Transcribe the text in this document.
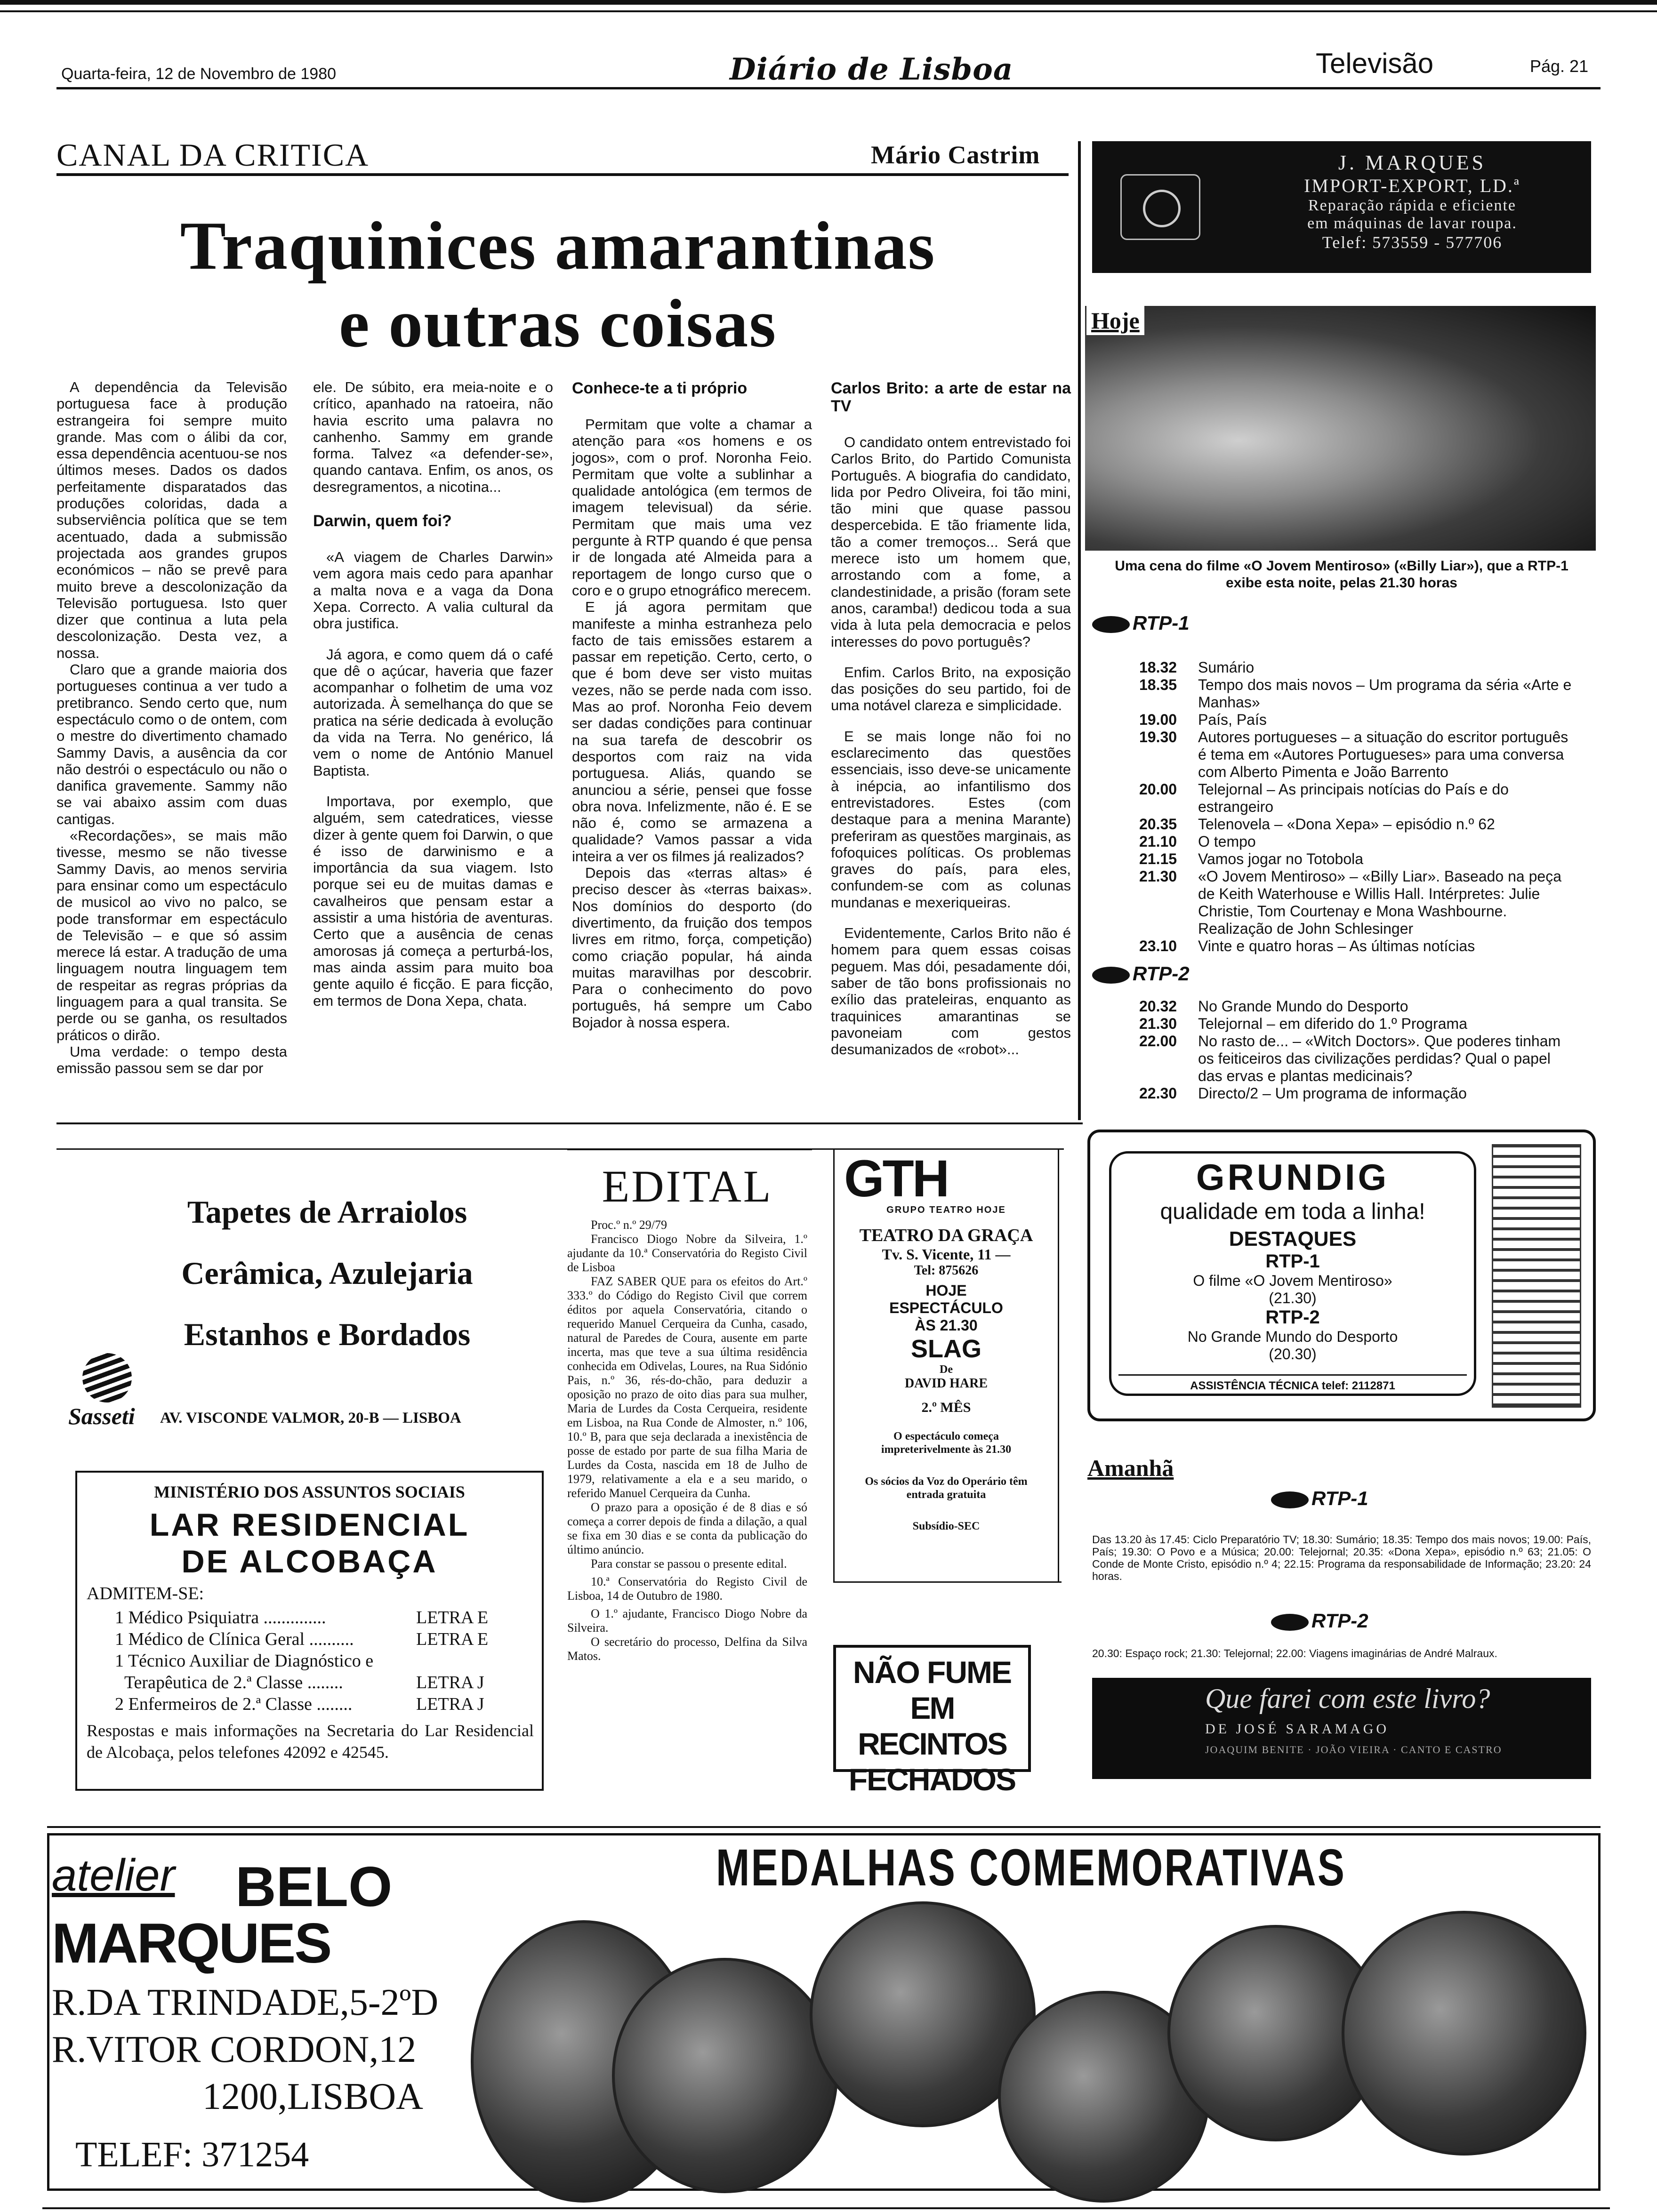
Quarta-feira, 12 de Novembro de 1980	Diário de Lisboa	Televisão	Pág. 21
CANAL DA CRITICA	Mário Castrim
Traquinices amarantinas
e outras coisas

A dependência da Televisão portuguesa face à produção estrangeira foi sempre muito grande. Mas com o álibi da cor, essa dependência acentuou-se nos últimos meses. Dados os dados perfeitamente disparatados das produções coloridas, dada a subserviência política que se tem acentuado, dada a submissão projectada aos grandes grupos económicos – não se prevê para muito breve a descolonização da Televisão portuguesa. Isto quer dizer que continua a luta pela descolonização. Desta vez, a nossa.

Claro que a grande maioria dos portugueses continua a ver tudo a pretibranco. Sendo certo que, num espectáculo como o de ontem, com o mestre do divertimento chamado Sammy Davis, a ausência da cor não destrói o espectáculo ou não o danifica gravemente. Sammy não se vai abaixo assim com duas cantigas.

«Recordações», se mais mão tivesse, mesmo se não tivesse Sammy Davis, ao menos serviria para ensinar como um espectáculo de musicol ao vivo no palco, se pode transformar em espectáculo de Televisão – e que só assim merece lá estar. A tradução de uma linguagem noutra linguagem tem de respeitar as regras próprias da linguagem para a qual transita. Se perde ou se ganha, os resultados práticos o dirão.

Uma verdade: o tempo desta emissão passou sem se dar por

ele. De súbito, era meia-noite e o crítico, apanhado na ratoeira, não havia escrito uma palavra no canhenho. Sammy em grande forma. Talvez «a defender-se», quando cantava. Enfim, os anos, os desregramentos, a nicotina...

Darwin, quem foi?

«A viagem de Charles Darwin» vem agora mais cedo para apanhar a malta nova e a vaga da Dona Xepa. Correcto. A valia cultural da obra justifica.

Já agora, e como quem dá o café que dê o açúcar, haveria que fazer acompanhar o folhetim de uma voz autorizada. À semelhança do que se pratica na série dedicada à evolução da vida na Terra. No genérico, lá vem o nome de António Manuel Baptista.

Importava, por exemplo, que alguém, sem catedratices, viesse dizer à gente quem foi Darwin, o que é isso de darwinismo e a importância da sua viagem. Isto porque sei eu de muitas damas e cavalheiros que pensam estar a assistir a uma história de aventuras. Certo que a ausência de cenas amorosas já começa a perturbá-los, mas ainda assim para muito boa gente aquilo é ficção. E para ficção, em termos de Dona Xepa, chata.

Conhece-te a ti próprio

Permitam que volte a chamar a atenção para «os homens e os jogos», com o prof. Noronha Feio. Permitam que volte a sublinhar a qualidade antológica (em termos de imagem televisual) da série. Permitam que mais uma vez pergunte à RTP quando é que pensa ir de longada até Almeida para a reportagem de longo curso que o coro e o grupo etnográfico merecem.

E já agora permitam que manifeste a minha estranheza pelo facto de tais emissões estarem a passar em repetição. Certo, certo, o que é bom deve ser visto muitas vezes, não se perde nada com isso. Mas ao prof. Noronha Feio devem ser dadas condições para continuar na sua tarefa de descobrir os desportos com raiz na vida portuguesa. Aliás, quando se anunciou a série, pensei que fosse obra nova. Infelizmente, não é. E se não é, como se armazena a qualidade? Vamos passar a vida inteira a ver os filmes já realizados?

Depois das «terras altas» é preciso descer às «terras baixas». Nos domínios do desporto (do divertimento, da fruição dos tempos livres em ritmo, força, competição) como criação popular, há ainda muitas maravilhas por descobrir. Para o conhecimento do povo português, há sempre um Cabo Bojador à nossa espera.

Carlos Brito: a arte de estar na TV

O candidato ontem entrevistado foi Carlos Brito, do Partido Comunista Português. A biografia do candidato, lida por Pedro Oliveira, foi tão mini, tão mini que quase passou despercebida. E tão friamente lida, tão a comer tremoços... Será que merece isto um homem que, arrostando com a fome, a clandestinidade, a prisão (foram sete anos, caramba!) dedicou toda a sua vida à luta pela democracia e pelos interesses do povo português?

Enfim. Carlos Brito, na exposição das posições do seu partido, foi de uma notável clareza e simplicidade.

E se mais longe não foi no esclarecimento das questões essenciais, isso deve-se unicamente à inépcia, ao infantilismo dos entrevistadores. Estes (com destaque para a menina Marante) preferiram as questões marginais, as fofoquices políticas. Os problemas graves do país, para eles, confundem-se com as colunas mundanas e mexeriqueiras.

Evidentemente, Carlos Brito não é homem para quem essas coisas peguem. Mas dói, pesadamente dói, saber de tão bons profissionais no exílio das prateleiras, enquanto as traquinices amarantinas se pavoneiam com gestos desumanizados de «robot»...

J. MARQUES
IMPORT-EXPORT, LD.ª
Reparação rápida e eficiente
em máquinas de lavar roupa.
Telef: 573559 - 577706
Hoje
Uma cena do filme «O Jovem Mentiroso» («Billy Liar»), que a RTP-1 exibe esta noite, pelas 21.30 horas
RTP-1
18.32 Sumário
18.35 Tempo dos mais novos – Um programa da séria «Arte e Manhas»
19.00 País, País
19.30 Autores portugueses – a situação do escritor português é tema em «Autores Portugueses» para uma conversa com Alberto Pimenta e João Barrento
20.00 Telejornal – As principais notícias do País e do estrangeiro
20.35 Telenovela – «Dona Xepa» – episódio n.º 62
21.10 O tempo
21.15 Vamos jogar no Totobola
21.30 «O Jovem Mentiroso» – «Billy Liar». Baseado na peça de Keith Waterhouse e Willis Hall. Intérpretes: Julie Christie, Tom Courtenay e Mona Washbourne. Realização de John Schlesinger
23.10 Vinte e quatro horas – As últimas notícias
RTP-2
20.32 No Grande Mundo do Desporto
21.30 Telejornal – em diferido do 1.º Programa
22.00 No rasto de... – «Witch Doctors». Que poderes tinham os feiticeiros das civilizações perdidas? Qual o papel das ervas e plantas medicinais?
22.30 Directo/2 – Um programa de informação
GRUNDIG
qualidade em toda a linha!
DESTAQUES
RTP-1
O filme «O Jovem Mentiroso»
(21.30)
RTP-2
No Grande Mundo do Desporto
(20.30)
ASSISTÊNCIA TÉCNICA telef: 2112871
Amanhã
RTP-1
Das 13.20 às 17.45: Ciclo Preparatório TV; 18.30: Sumário; 18.35: Tempo dos mais novos; 19.00: País, País; 19.30: O Povo e a Música; 20.00: Telejornal; 20.35: «Dona Xepa», episódio n.º 63; 21.05: O Conde de Monte Cristo, episódio n.º 4; 22.15: Programa da responsabilidade de Informação; 23.20: 24 horas.
RTP-2
20.30: Espaço rock; 21.30: Telejornal; 22.00: Viagens imaginárias de André Malraux.
Que farei com este livro?
DE JOSÉ SARAMAGO
JOAQUIM BENITE · JOÃO VIEIRA · CANTO E CASTRO
Tapetes de Arraiolos
Cerâmica, Azulejaria
Estanhos e Bordados
Sasseti AV. VISCONDE VALMOR, 20-B — LISBOA
MINISTÉRIO DOS ASSUNTOS SOCIAIS
LAR RESIDENCIAL
DE ALCOBAÇA
ADMITEM-SE:
1 Médico Psiquiatra ..............	LETRA E
1 Médico de Clínica Geral ..........	LETRA E
1 Técnico Auxiliar de Diagnóstico e
Terapêutica de 2.ª Classe ........	LETRA J
2 Enfermeiros de 2.ª Classe ........	LETRA J
Respostas e mais informações na Secretaria do Lar Residencial de Alcobaça, pelos telefones 42092 e 42545.
EDITAL
Proc.º n.º 29/79

Francisco Diogo Nobre da Silveira, 1.º ajudante da 10.ª Conservatória do Registo Civil de Lisboa

FAZ SABER QUE para os efeitos do Art.º 333.º do Código do Registo Civil que correm éditos por aquela Conservatória, citando o requerido Manuel Cerqueira da Cunha, casado, natural de Paredes de Coura, ausente em parte incerta, mas que teve a sua última residência conhecida em Odivelas, Loures, na Rua Sidónio Pais, n.º 36, rés-do-chão, para deduzir a oposição no prazo de oito dias para sua mulher, Maria de Lurdes da Costa Cerqueira, residente em Lisboa, na Rua Conde de Almoster, n.º 106, 10.º B, para que seja declarada a inexistência de posse de estado por parte de sua filha Maria de Lurdes da Costa, nascida em 18 de Julho de 1979, relativamente a ela e a seu marido, o referido Manuel Cerqueira da Cunha.

O prazo para a oposição é de 8 dias e só começa a correr depois de finda a dilação, a qual se fixa em 30 dias e se conta da publicação do último anúncio.

Para constar se passou o presente edital.

10.ª Conservatória do Registo Civil de Lisboa, 14 de Outubro de 1980.

O 1.º ajudante, Francisco Diogo Nobre da Silveira.

O secretário do processo, Delfina da Silva Matos.

GTH
GRUPO TEATRO HOJE
TEATRO DA GRAÇA
Tv. S. Vicente, 11 —
Tel: 875626
HOJE
ESPECTÁCULO
ÀS 21.30
SLAG
De
DAVID HARE
2.º MÊS
O espectáculo começa impreterivelmente às 21.30
Os sócios da Voz do Operário têm entrada gratuita
Subsídio-SEC
NÃO FUME
EM RECINTOS
FECHADOS
atelier BELO
MARQUES
R.DA TRINDADE,5-2ºD
R.VITOR CORDON,12
1200,LISBOA
TELEF: 371254
MEDALHAS COMEMORATIVAS
